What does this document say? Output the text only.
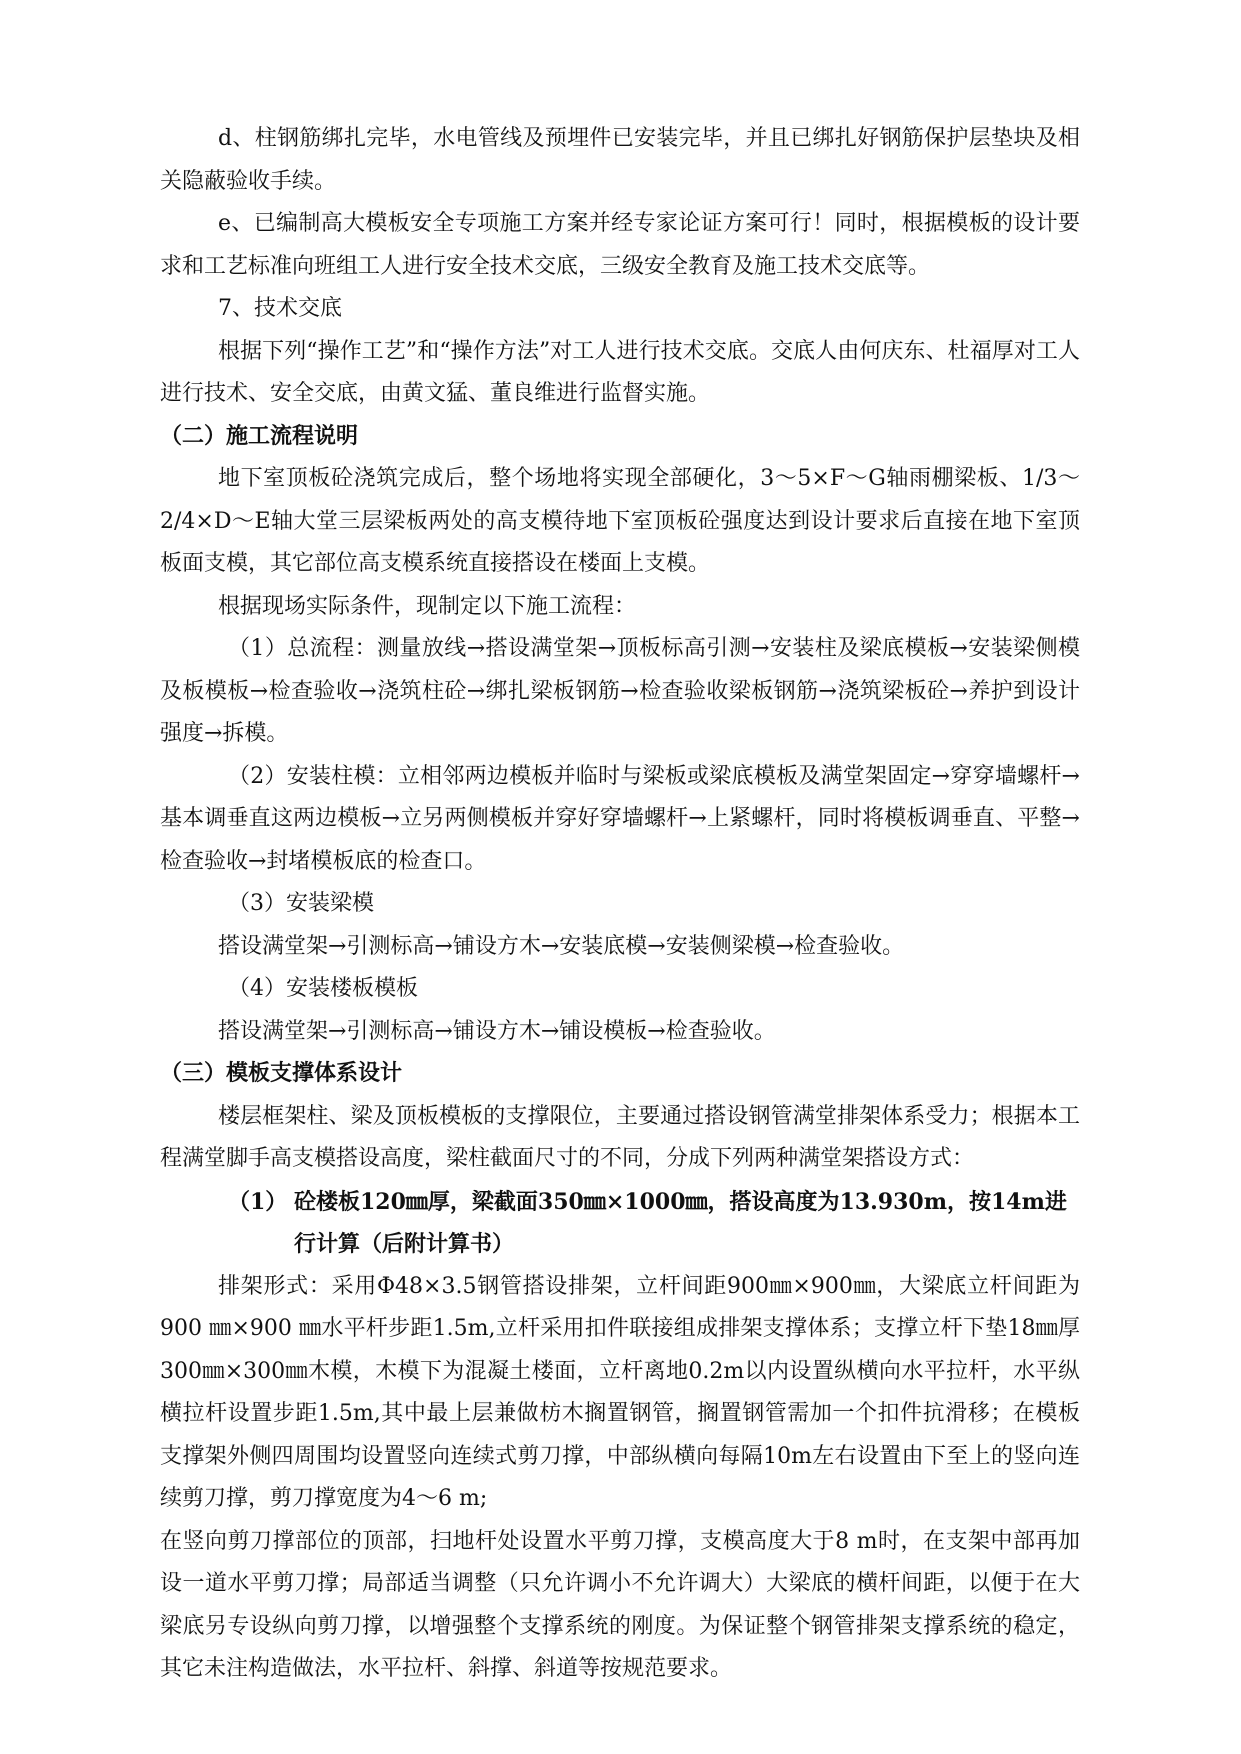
d、柱钢筋绑扎完毕，水电管线及预埋件已安装完毕，并且已绑扎好钢筋保护层垫块及相关隐蔽验收手续。

e、已编制高大模板安全专项施工方案并经专家论证方案可行！同时，根据模板的设计要求和工艺标准向班组工人进行安全技术交底，三级安全教育及施工技术交底等。

7、技术交底

根据下列“操作工艺”和“操作方法”对工人进行技术交底。交底人由何庆东、杜福厚对工人进行技术、安全交底，由黄文猛、董良维进行监督实施。

（二）施工流程说明

地下室顶板砼浇筑完成后，整个场地将实现全部硬化，3～5×F～G轴雨棚梁板、1/3～2/4×D～E轴大堂三层梁板两处的高支模待地下室顶板砼强度达到设计要求后直接在地下室顶板面支模，其它部位高支模系统直接搭设在楼面上支模。

根据现场实际条件，现制定以下施工流程：

（1）总流程：测量放线→搭设满堂架→顶板标高引测→安装柱及梁底模板→安装梁侧模及板模板→检查验收→浇筑柱砼→绑扎梁板钢筋→检查验收梁板钢筋→浇筑梁板砼→养护到设计强度→拆模。

（2）安装柱模：立相邻两边模板并临时与梁板或梁底模板及满堂架固定→穿穿墙螺杆→基本调垂直这两边模板→立另两侧模板并穿好穿墙螺杆→上紧螺杆，同时将模板调垂直、平整→检查验收→封堵模板底的检查口。

（3）安装梁模

搭设满堂架→引测标高→铺设方木→安装底模→安装侧梁模→检查验收。

（4）安装楼板模板

搭设满堂架→引测标高→铺设方木→铺设模板→检查验收。

（三）模板支撑体系设计

楼层框架柱、梁及顶板模板的支撑限位，主要通过搭设钢管满堂排架体系受力；根据本工程满堂脚手高支模搭设高度，梁柱截面尺寸的不同，分成下列两种满堂架搭设方式：

（1） 砼楼板120㎜厚，梁截面350㎜×1000㎜，搭设高度为13.930m，按14m进行计算（后附计算书）

排架形式：采用Φ48×3.5钢管搭设排架，立杆间距900㎜×900㎜，大梁底立杆间距为900 ㎜×900 ㎜水平杆步距1.5m,立杆采用扣件联接组成排架支撑体系；支撑立杆下垫18㎜厚300㎜×300㎜木模，木模下为混凝土楼面，立杆离地0.2m以内设置纵横向水平拉杆，水平纵横拉杆设置步距1.5m,其中最上层兼做枋木搁置钢管，搁置钢管需加一个扣件抗滑移；在模板支撑架外侧四周围均设置竖向连续式剪刀撑，中部纵横向每隔10m左右设置由下至上的竖向连续剪刀撑，剪刀撑宽度为4～6 m;

在竖向剪刀撑部位的顶部，扫地杆处设置水平剪刀撑，支模高度大于8 m时，在支架中部再加设一道水平剪刀撑；局部适当调整（只允许调小不允许调大）大梁底的横杆间距，以便于在大梁底另专设纵向剪刀撑，以增强整个支撑系统的刚度。为保证整个钢管排架支撑系统的稳定，其它未注构造做法，水平拉杆、斜撑、斜道等按规范要求。
